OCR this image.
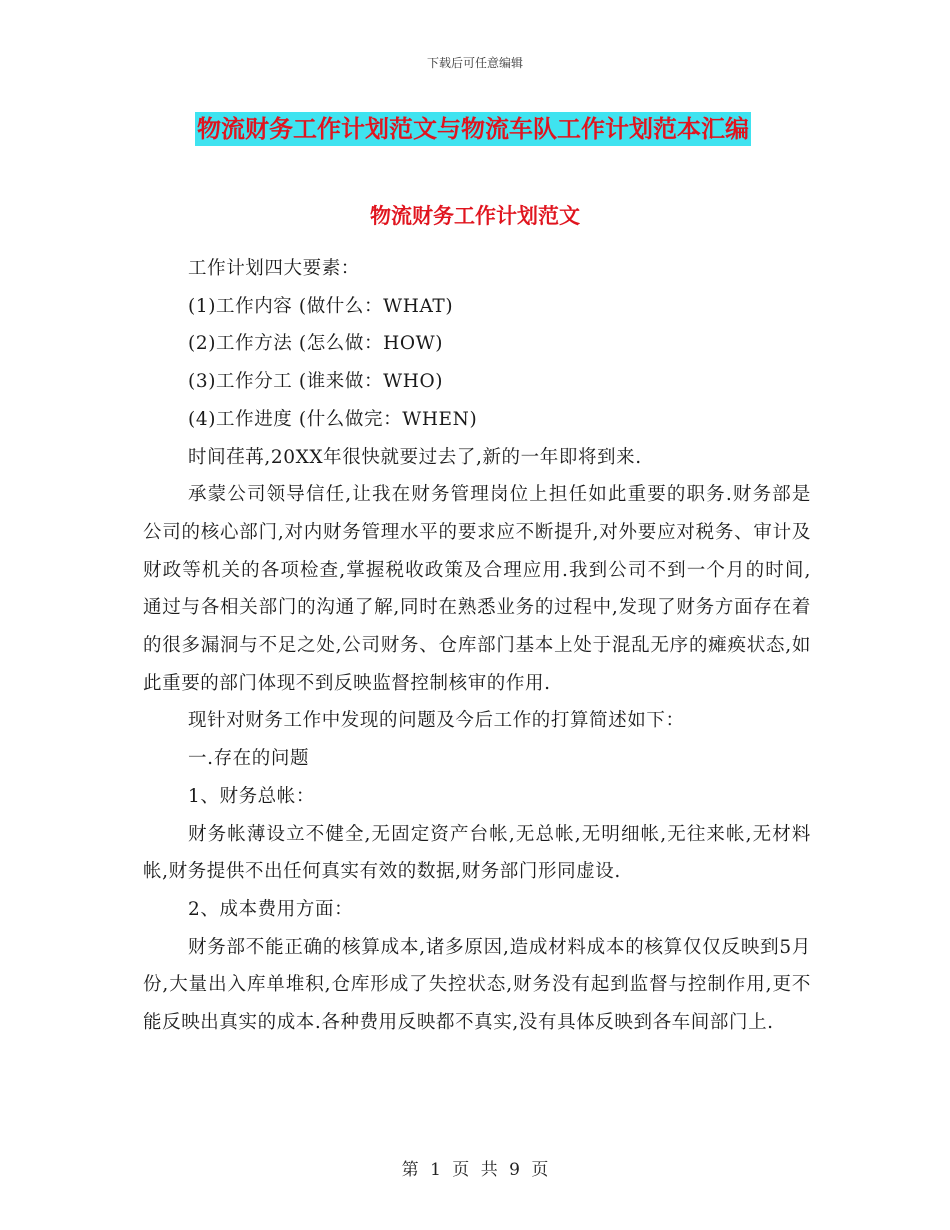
下载后可任意编辑
物流财务工作计划范文与物流车队工作计划范本汇编
物流财务工作计划范文

工作计划四大要素：

(1)工作内容 (做什么：WHAT)

(2)工作方法 (怎么做：HOW)

(3)工作分工 (谁来做：WHO)

(4)工作进度 (什么做完：WHEN)

时间荏苒,20XX年很快就要过去了,新的一年即将到来.

承蒙公司领导信任,让我在财务管理岗位上担任如此重要的职务.财务部是公司的核心部门,对内财务管理水平的要求应不断提升,对外要应对税务、审计及财政等机关的各项检查,掌握税收政策及合理应用.我到公司不到一个月的时间,通过与各相关部门的沟通了解,同时在熟悉业务的过程中,发现了财务方面存在着的很多漏洞与不足之处,公司财务、仓库部门基本上处于混乱无序的瘫痪状态,如此重要的部门体现不到反映监督控制核审的作用.

现针对财务工作中发现的问题及今后工作的打算简述如下：

一.存在的问题

1、财务总帐：

财务帐薄设立不健全,无固定资产台帐,无总帐,无明细帐,无往来帐,无材料帐,财务提供不出任何真实有效的数据,财务部门形同虚设.

2、成本费用方面：

财务部不能正确的核算成本,诸多原因,造成材料成本的核算仅仅反映到5月份,大量出入库单堆积,仓库形成了失控状态,财务没有起到监督与控制作用,更不能反映出真实的成本.各种费用反映都不真实,没有具体反映到各车间部门上.

第 1 页 共 9 页
